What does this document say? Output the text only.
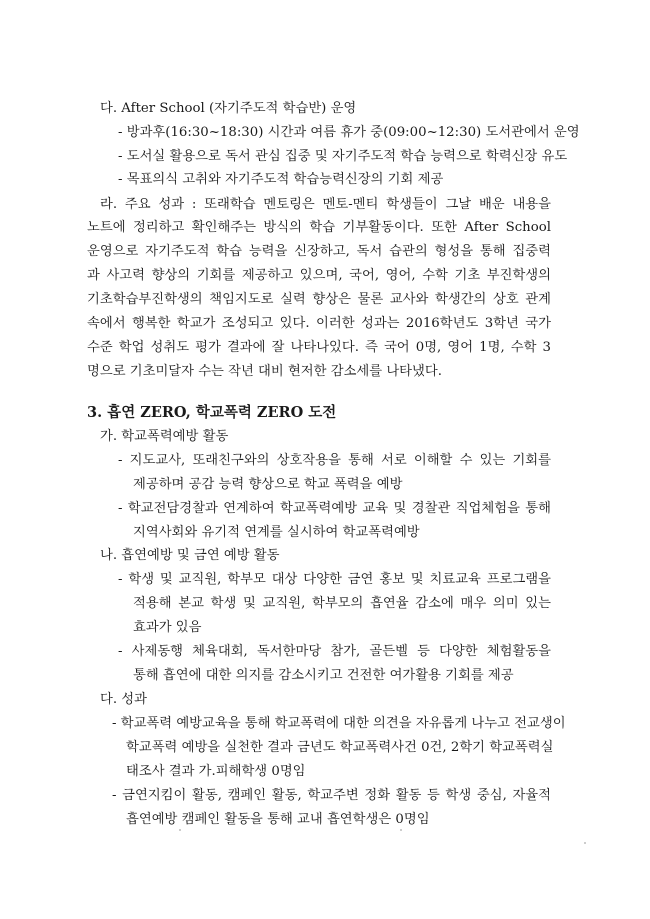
다. After School (자기주도적 학습반) 운영
- 방과후(16:30~18:30) 시간과 여름 휴가 중(09:00~12:30) 도서관에서 운영
- 도서실 활용으로 독서 관심 집중 및 자기주도적 학습 능력으로 학력신장 유도
- 목표의식 고취와 자기주도적 학습능력신장의 기회 제공
라. 주요 성과 : 또래학습 멘토링은 멘토-멘티 학생들이 그날 배운 내용을
노트에 정리하고 확인해주는 방식의 학습 기부활동이다. 또한 After School
운영으로 자기주도적 학습 능력을 신장하고, 독서 습관의 형성을 통해 집중력
과 사고력 향상의 기회를 제공하고 있으며, 국어, 영어, 수학 기초 부진학생의
기초학습부진학생의 책임지도로 실력 향상은 물론 교사와 학생간의 상호 관계
속에서 행복한 학교가 조성되고 있다. 이러한 성과는 2016학년도 3학년 국가
수준 학업 성취도 평가 결과에 잘 나타나있다. 즉 국어 0명, 영어 1명, 수학 3
명으로 기초미달자 수는 작년 대비 현저한 감소세를 나타냈다.
3. 흡연 ZERO, 학교폭력 ZERO 도전
가. 학교폭력예방 활동
- 지도교사, 또래친구와의 상호작용을 통해 서로 이해할 수 있는 기회를
제공하며 공감 능력 향상으로 학교 폭력을 예방
- 학교전담경찰과 연계하여 학교폭력예방 교육 및 경찰관 직업체험을 통해
지역사회와 유기적 연계를 실시하여 학교폭력예방
나. 흡연예방 및 금연 예방 활동
- 학생 및 교직원, 학부모 대상 다양한 금연 홍보 및 치료교육 프로그램을
적용해 본교 학생 및 교직원, 학부모의 흡연율 감소에 매우 의미 있는
효과가 있음
- 사제동행 체육대회, 독서한마당 참가, 골든벨 등 다양한 체험활동을
통해 흡연에 대한 의지를 감소시키고 건전한 여가활용 기회를 제공
다. 성과
- 학교폭력 예방교육을 통해 학교폭력에 대한 의견을 자유롭게 나누고 전교생이
학교폭력 예방을 실천한 결과 금년도 학교폭력사건 0건, 2학기 학교폭력실
태조사 결과 가.피해학생 0명임
- 금연지킴이 활동, 캠페인 활동, 학교주변 정화 활동 등 학생 중심, 자율적
흡연예방 캠페인 활동을 통해 교내 흡연학생은 0명임
